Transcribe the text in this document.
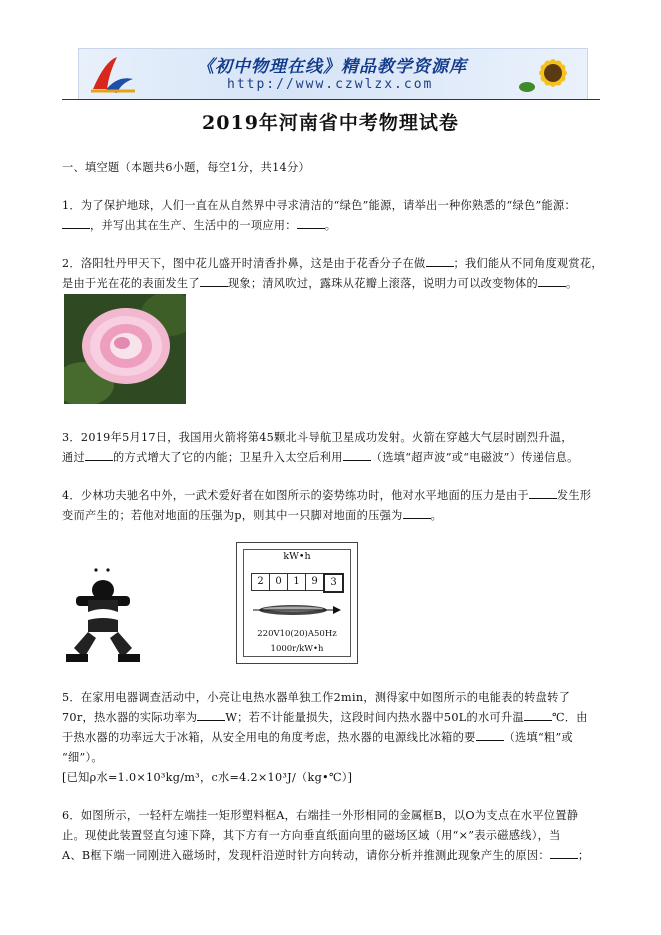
《初中物理在线》精品教学资源库
http://www.czwlzx.com
2019年河南省中考物理试卷
一、填空题（本题共6小题，每空1分，共14分）
1．为了保护地球，人们一直在从自然界中寻求清洁的“绿色”能源，请举出一种你熟悉的“绿色”能源：
，并写出其在生产、生活中的一项应用：	。
2．洛阳牡丹甲天下，图中花儿盛开时清香扑鼻，这是由于花香分子在做	；我们能从不同角度观赏花，
是由于光在花的表面发生了	现象；清风吹过，露珠从花瓣上滚落，说明力可以改变物体的	。
3．2019年5月17日，我国用火箭将第45颗北斗导航卫星成功发射。火箭在穿越大气层时剧烈升温，
通过	的方式增大了它的内能；卫星升入太空后利用	（选填“超声波”或“电磁波”）传递信息。
4．少林功夫驰名中外，一武术爱好者在如图所示的姿势练功时，他对水平地面的压力是由于	发生形
变而产生的；若他对地面的压强为p，则其中一只脚对地面的压强为	。
kW•h
2	0	1	9	3
220V10(20)A50Hz
1000r/kW•h
5．在家用电器调查活动中，小亮让电热水器单独工作2min，测得家中如图所示的电能表的转盘转了
70r，热水器的实际功率为	W；若不计能量损失，这段时间内热水器中50L的水可升温	℃．由
于热水器的功率远大于冰箱，从安全用电的角度考虑，热水器的电源线比冰箱的要	（选填“粗”或
“细”）。
[已知ρ水=1.0×10³kg/m³，c水=4.2×10³J/（kg•℃）]
6．如图所示，一轻杆左端挂一矩形塑料框A，右端挂一外形相同的金属框B，以O为支点在水平位置静
止。现使此装置竖直匀速下降，其下方有一方向垂直纸面向里的磁场区域（用“×”表示磁感线），当
A、B框下端一同刚进入磁场时，发现杆沿逆时针方向转动，请你分析并推测此现象产生的原因：	；
